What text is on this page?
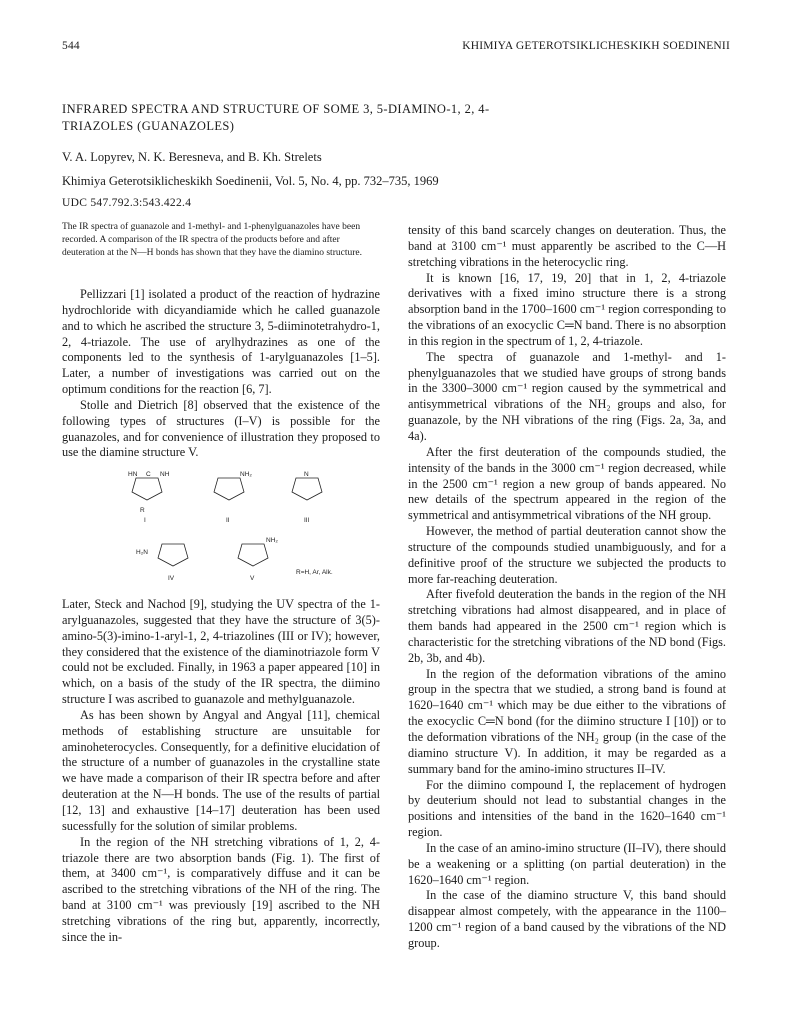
544	KHIMIYA GETEROTSIKLICHESKIKH SOEDINENII
INFRARED SPECTRA AND STRUCTURE OF SOME 3, 5-DIAMINO-1, 2, 4-TRIAZOLES (GUANAZOLES)
V. A. Lopyrev, N. K. Beresneva, and B. Kh. Strelets
Khimiya Geterotsiklicheskikh Soedinenii, Vol. 5, No. 4, pp. 732–735, 1969
UDC 547.792.3:543.422.4
The IR spectra of guanazole and 1-methyl- and 1-phenylguanazoles have been recorded. A comparison of the IR spectra of the products before and after deuteration at the N—H bonds has shown that they have the diamino structure.

Pellizzari [1] isolated a product of the reaction of hydrazine hydrochloride with dicyandiamide which he called guanazole and to which he ascribed the structure 3, 5-diiminotetrahydro-1, 2, 4-triazole. The use of arylhydrazines as one of the components led to the synthesis of 1-arylguanazoles [1–5]. Later, a number of investigations was carried out on the optimum conditions for the reaction [6, 7].

Stolle and Dietrich [8] observed that the existence of the following types of structures (I–V) is possible for the guanazoles, and for convenience of illustration they proposed to use the diamine structure V.

HN C NH	NH₂
R
N
H₂N
NH₂
I	II	III
IV	V
R=H, Ar, Alk.

Later, Steck and Nachod [9], studying the UV spectra of the 1-arylguanazoles, suggested that they have the structure of 3(5)-amino-5(3)-imino-1-aryl-1, 2, 4-triazolines (III or IV); however, they considered that the existence of the diaminotriazole form V could not be excluded. Finally, in 1963 a paper appeared [10] in which, on a basis of the study of the IR spectra, the diimino structure I was ascribed to guanazole and methylguanazole.

As has been shown by Angyal and Angyal [11], chemical methods of establishing structure are unsuitable for aminoheterocycles. Consequently, for a definitive elucidation of the structure of a number of guanazoles in the crystalline state we have made a comparison of their IR spectra before and after deuteration at the N—H bonds. The use of the results of partial [12, 13] and exhaustive [14–17] deuteration has been used sucessfully for the solution of similar problems.

In the region of the NH stretching vibrations of 1, 2, 4-triazole there are two absorption bands (Fig. 1). The first of them, at 3400 cm⁻¹, is comparatively diffuse and it can be ascribed to the stretching vibrations of the NH of the ring. The band at 3100 cm⁻¹ was previously [19] ascribed to the NH stretching vibrations of the ring but, apparently, incorrectly, since the in-

tensity of this band scarcely changes on deuteration. Thus, the band at 3100 cm⁻¹ must apparently be ascribed to the C—H stretching vibrations in the heterocyclic ring.

It is known [16, 17, 19, 20] that in 1, 2, 4-triazole derivatives with a fixed imino structure there is a strong absorption band in the 1700–1600 cm⁻¹ region corresponding to the vibrations of an exocyclic C═N band. There is no absorption in this region in the spectrum of 1, 2, 4-triazole.

The spectra of guanazole and 1-methyl- and 1-phenylguanazoles that we studied have groups of strong bands in the 3300–3000 cm⁻¹ region caused by the symmetrical and antisymmetrical vibrations of the NH₂ groups and also, for guanazole, by the NH vibrations of the ring (Figs. 2a, 3a, and 4a).

After the first deuteration of the compounds studied, the intensity of the bands in the 3000 cm⁻¹ region decreased, while in the 2500 cm⁻¹ region a new group of bands appeared. No new details of the spectrum appeared in the region of the symmetrical and antisymmetrical vibrations of the NH group.

However, the method of partial deuteration cannot show the structure of the compounds studied unambiguously, and for a definitive proof of the structure we subjected the products to more far-reaching deuteration.

After fivefold deuteration the bands in the region of the NH stretching vibrations had almost disappeared, and in place of them bands had appeared in the 2500 cm⁻¹ region which is characteristic for the stretching vibrations of the ND bond (Figs. 2b, 3b, and 4b).

In the region of the deformation vibrations of the amino group in the spectra that we studied, a strong band is found at 1620–1640 cm⁻¹ which may be due either to the vibrations of the exocyclic C═N bond (for the diimino structure I [10]) or to the deformation vibrations of the NH₂ group (in the case of the diamino structure V). In addition, it may be regarded as a summary band for the amino-imino structures II–IV.

For the diimino compound I, the replacement of hydrogen by deuterium should not lead to substantial changes in the positions and intensities of the band in the 1620–1640 cm⁻¹ region.

In the case of an amino-imino structure (II–IV), there should be a weakening or a splitting (on partial deuteration) in the 1620–1640 cm⁻¹ region.

In the case of the diamino structure V, this band should disappear almost competely, with the appearance in the 1100–1200 cm⁻¹ region of a band caused by the vibrations of the ND group.
